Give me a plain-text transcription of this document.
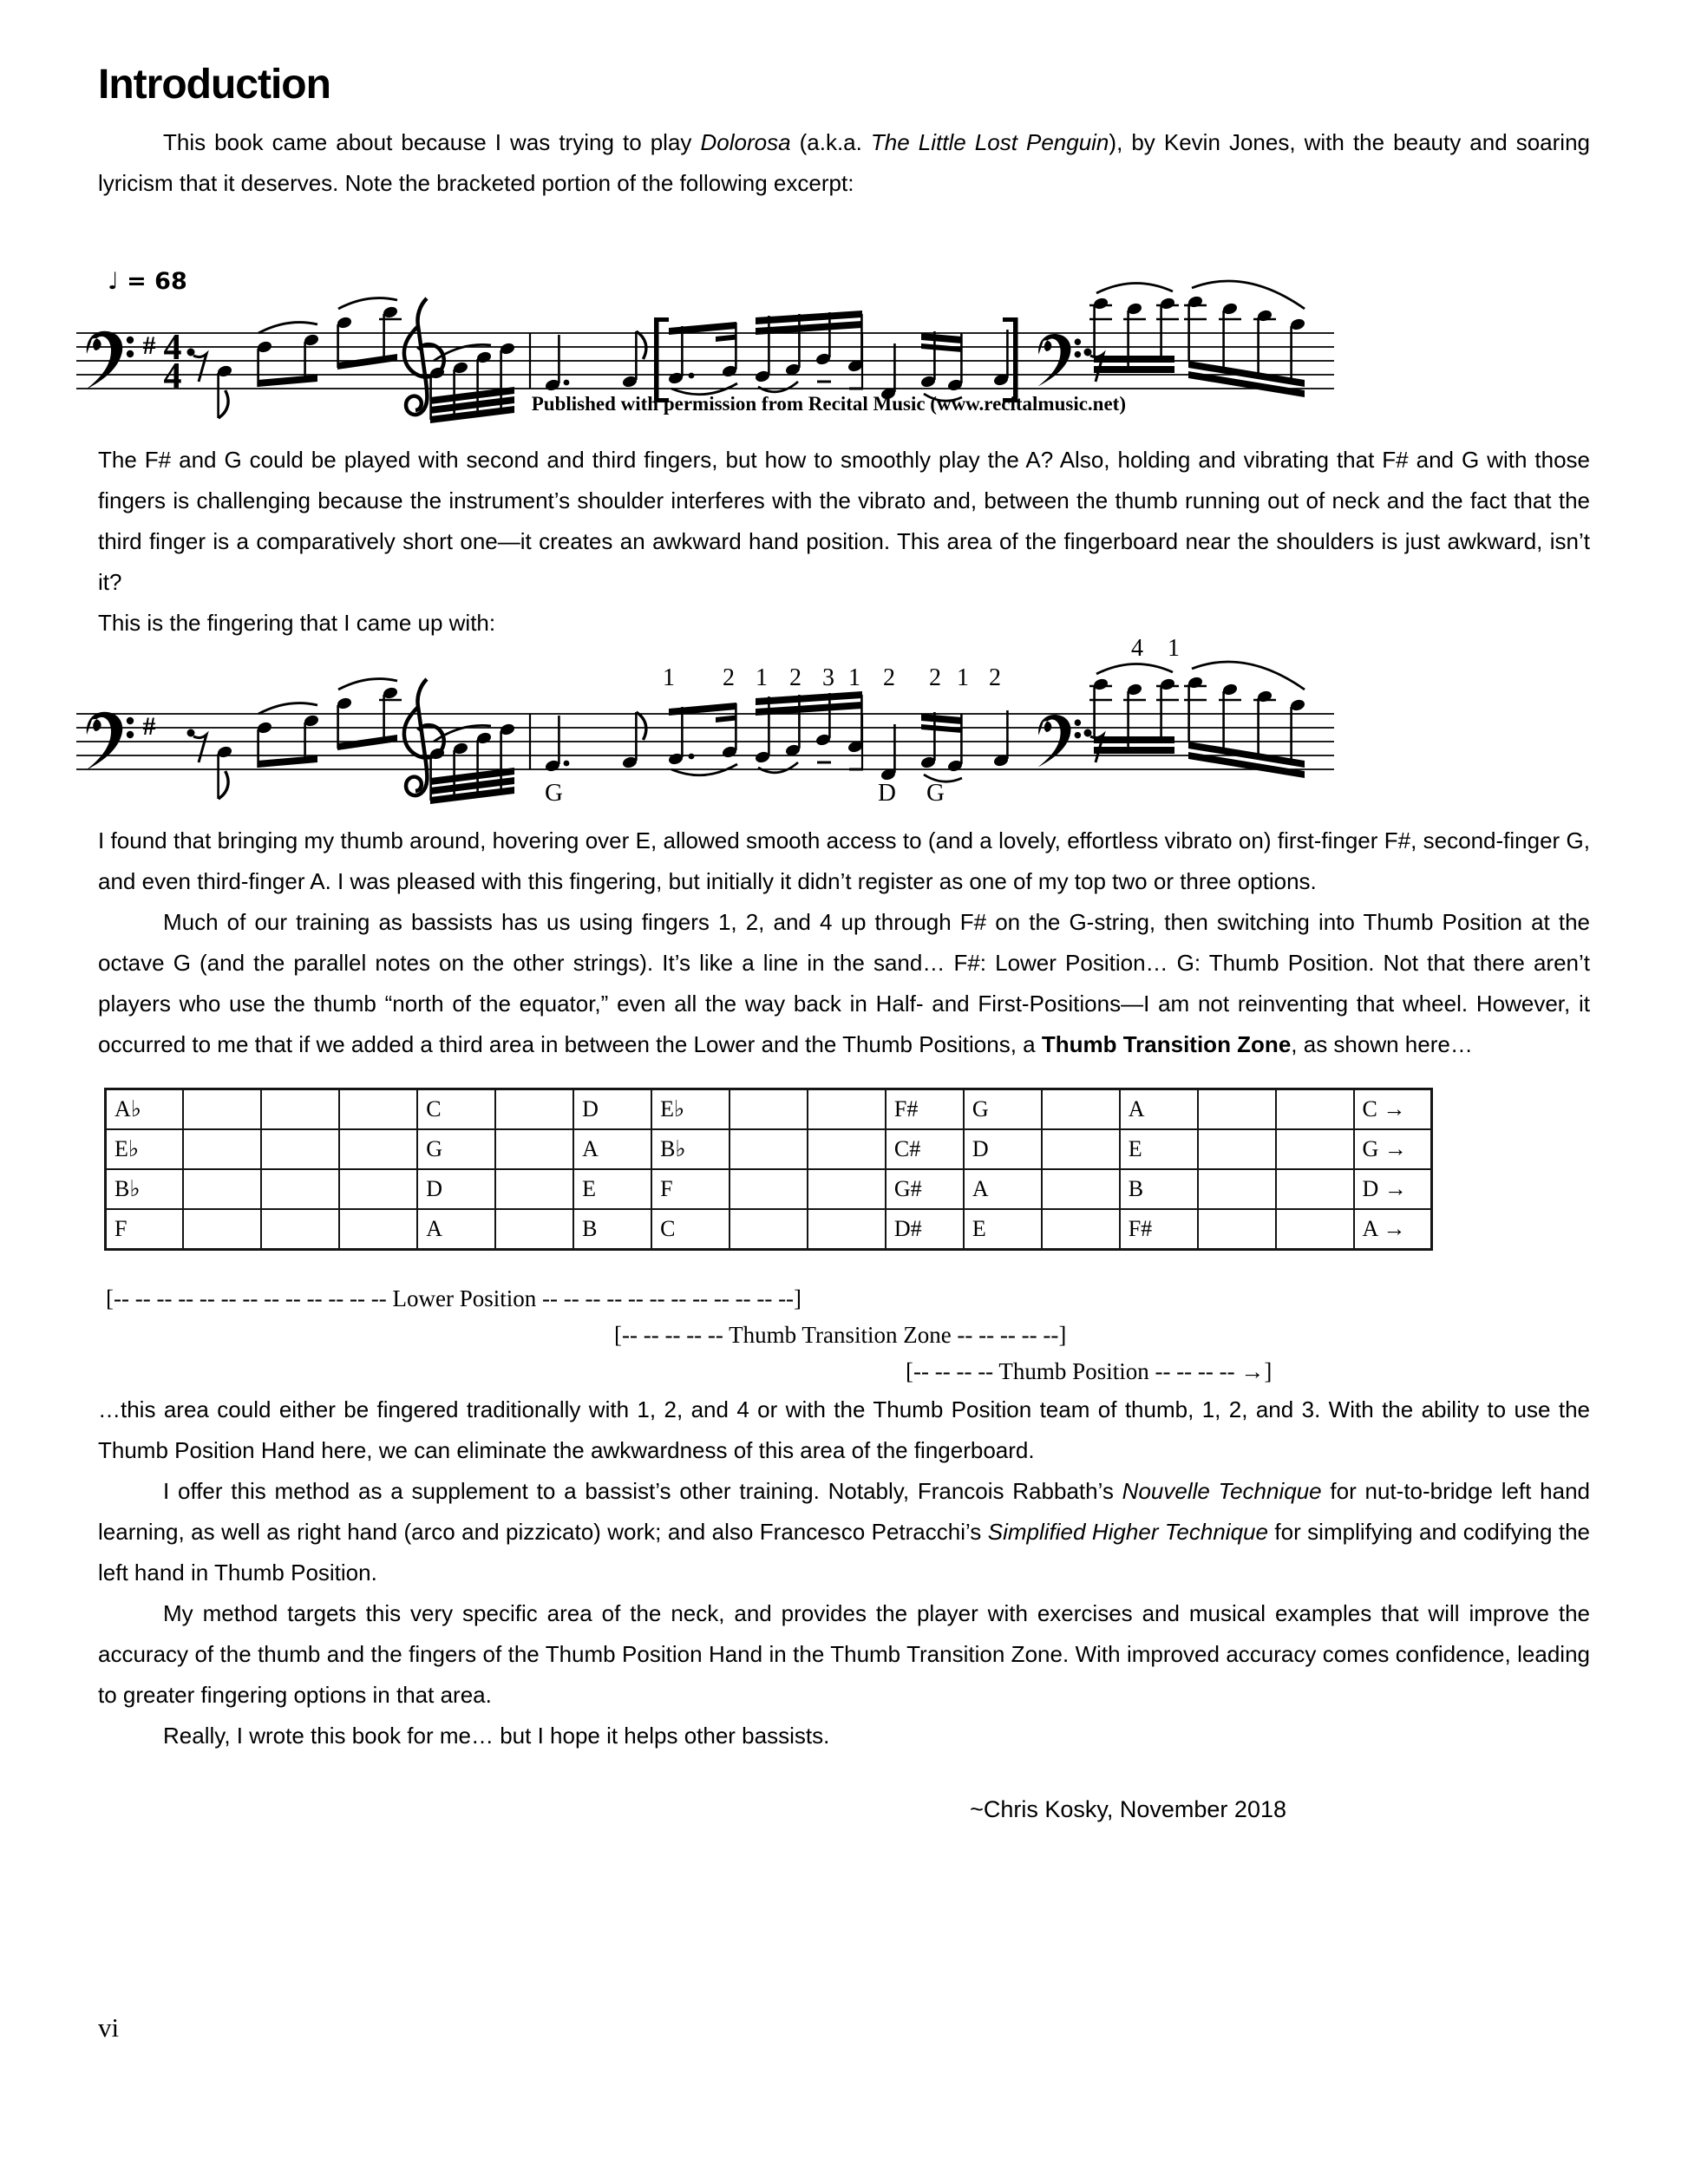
Introduction

This book came about because I was trying to play Dolorosa (a.k.a. The Little Lost Penguin), by Kevin Jones, with the beauty and soaring lyricism that it deserves. Note the bracketed portion of the following excerpt:

♩ = 68
# 4
4
Published with permission from Recital Music (www.recitalmusic.net)

The F# and G could be played with second and third fingers, but how to smoothly play the A? Also, holding and vibrating that F# and G with those fingers is challenging because the instrument’s shoulder interferes with the vibrato and, between the thumb running out of neck and the fact that the third finger is a comparatively short one—it creates an awkward hand position. This area of the fingerboard near the shoulders is just awkward, isn’t it?

This is the fingering that I came up with:

#
1 2 1 2 3 1 2 2 1 2
4 1
G	D G

I found that bringing my thumb around, hovering over E, allowed smooth access to (and a lovely, effortless vibrato on) first-finger F#, second-finger G, and even third-finger A. I was pleased with this fingering, but initially it didn’t register as one of my top two or three options.

Much of our training as bassists has us using fingers 1, 2, and 4 up through F# on the G-string, then switching into Thumb Position at the octave G (and the parallel notes on the other strings). It’s like a line in the sand… F#: Lower Position… G: Thumb Position. Not that there aren’t players who use the thumb “north of the equator,” even all the way back in Half- and First-Positions—I am not reinventing that wheel. However, it occurred to me that if we added a third area in between the Lower and the Thumb Positions, a Thumb Transition Zone, as shown here…

A♭				C		D	E♭			F#	G		A			C →
E♭				G		A	B♭			C#	D		E			G →
B♭				D		E	F			G#	A		B			D →
F				A		B	C			D#	E		F#			A →
[-- -- -- -- -- -- -- -- -- -- -- -- -- Lower Position -- -- -- -- -- -- -- -- -- -- -- --]
[-- -- -- -- -- Thumb Transition Zone -- -- -- -- --]
[-- -- -- -- Thumb Position -- -- -- -- →]

…this area could either be fingered traditionally with 1, 2, and 4 or with the Thumb Position team of thumb, 1, 2, and 3. With the ability to use the Thumb Position Hand here, we can eliminate the awkwardness of this area of the fingerboard.

I offer this method as a supplement to a bassist’s other training. Notably, Francois Rabbath’s Nouvelle Technique for nut-to-bridge left hand learning, as well as right hand (arco and pizzicato) work; and also Francesco Petracchi’s Simplified Higher Technique for simplifying and codifying the left hand in Thumb Position.

My method targets this very specific area of the neck, and provides the player with exercises and musical examples that will improve the accuracy of the thumb and the fingers of the Thumb Position Hand in the Thumb Transition Zone. With improved accuracy comes confidence, leading to greater fingering options in that area.

Really, I wrote this book for me… but I hope it helps other bassists.

~Chris Kosky, November 2018
vi
